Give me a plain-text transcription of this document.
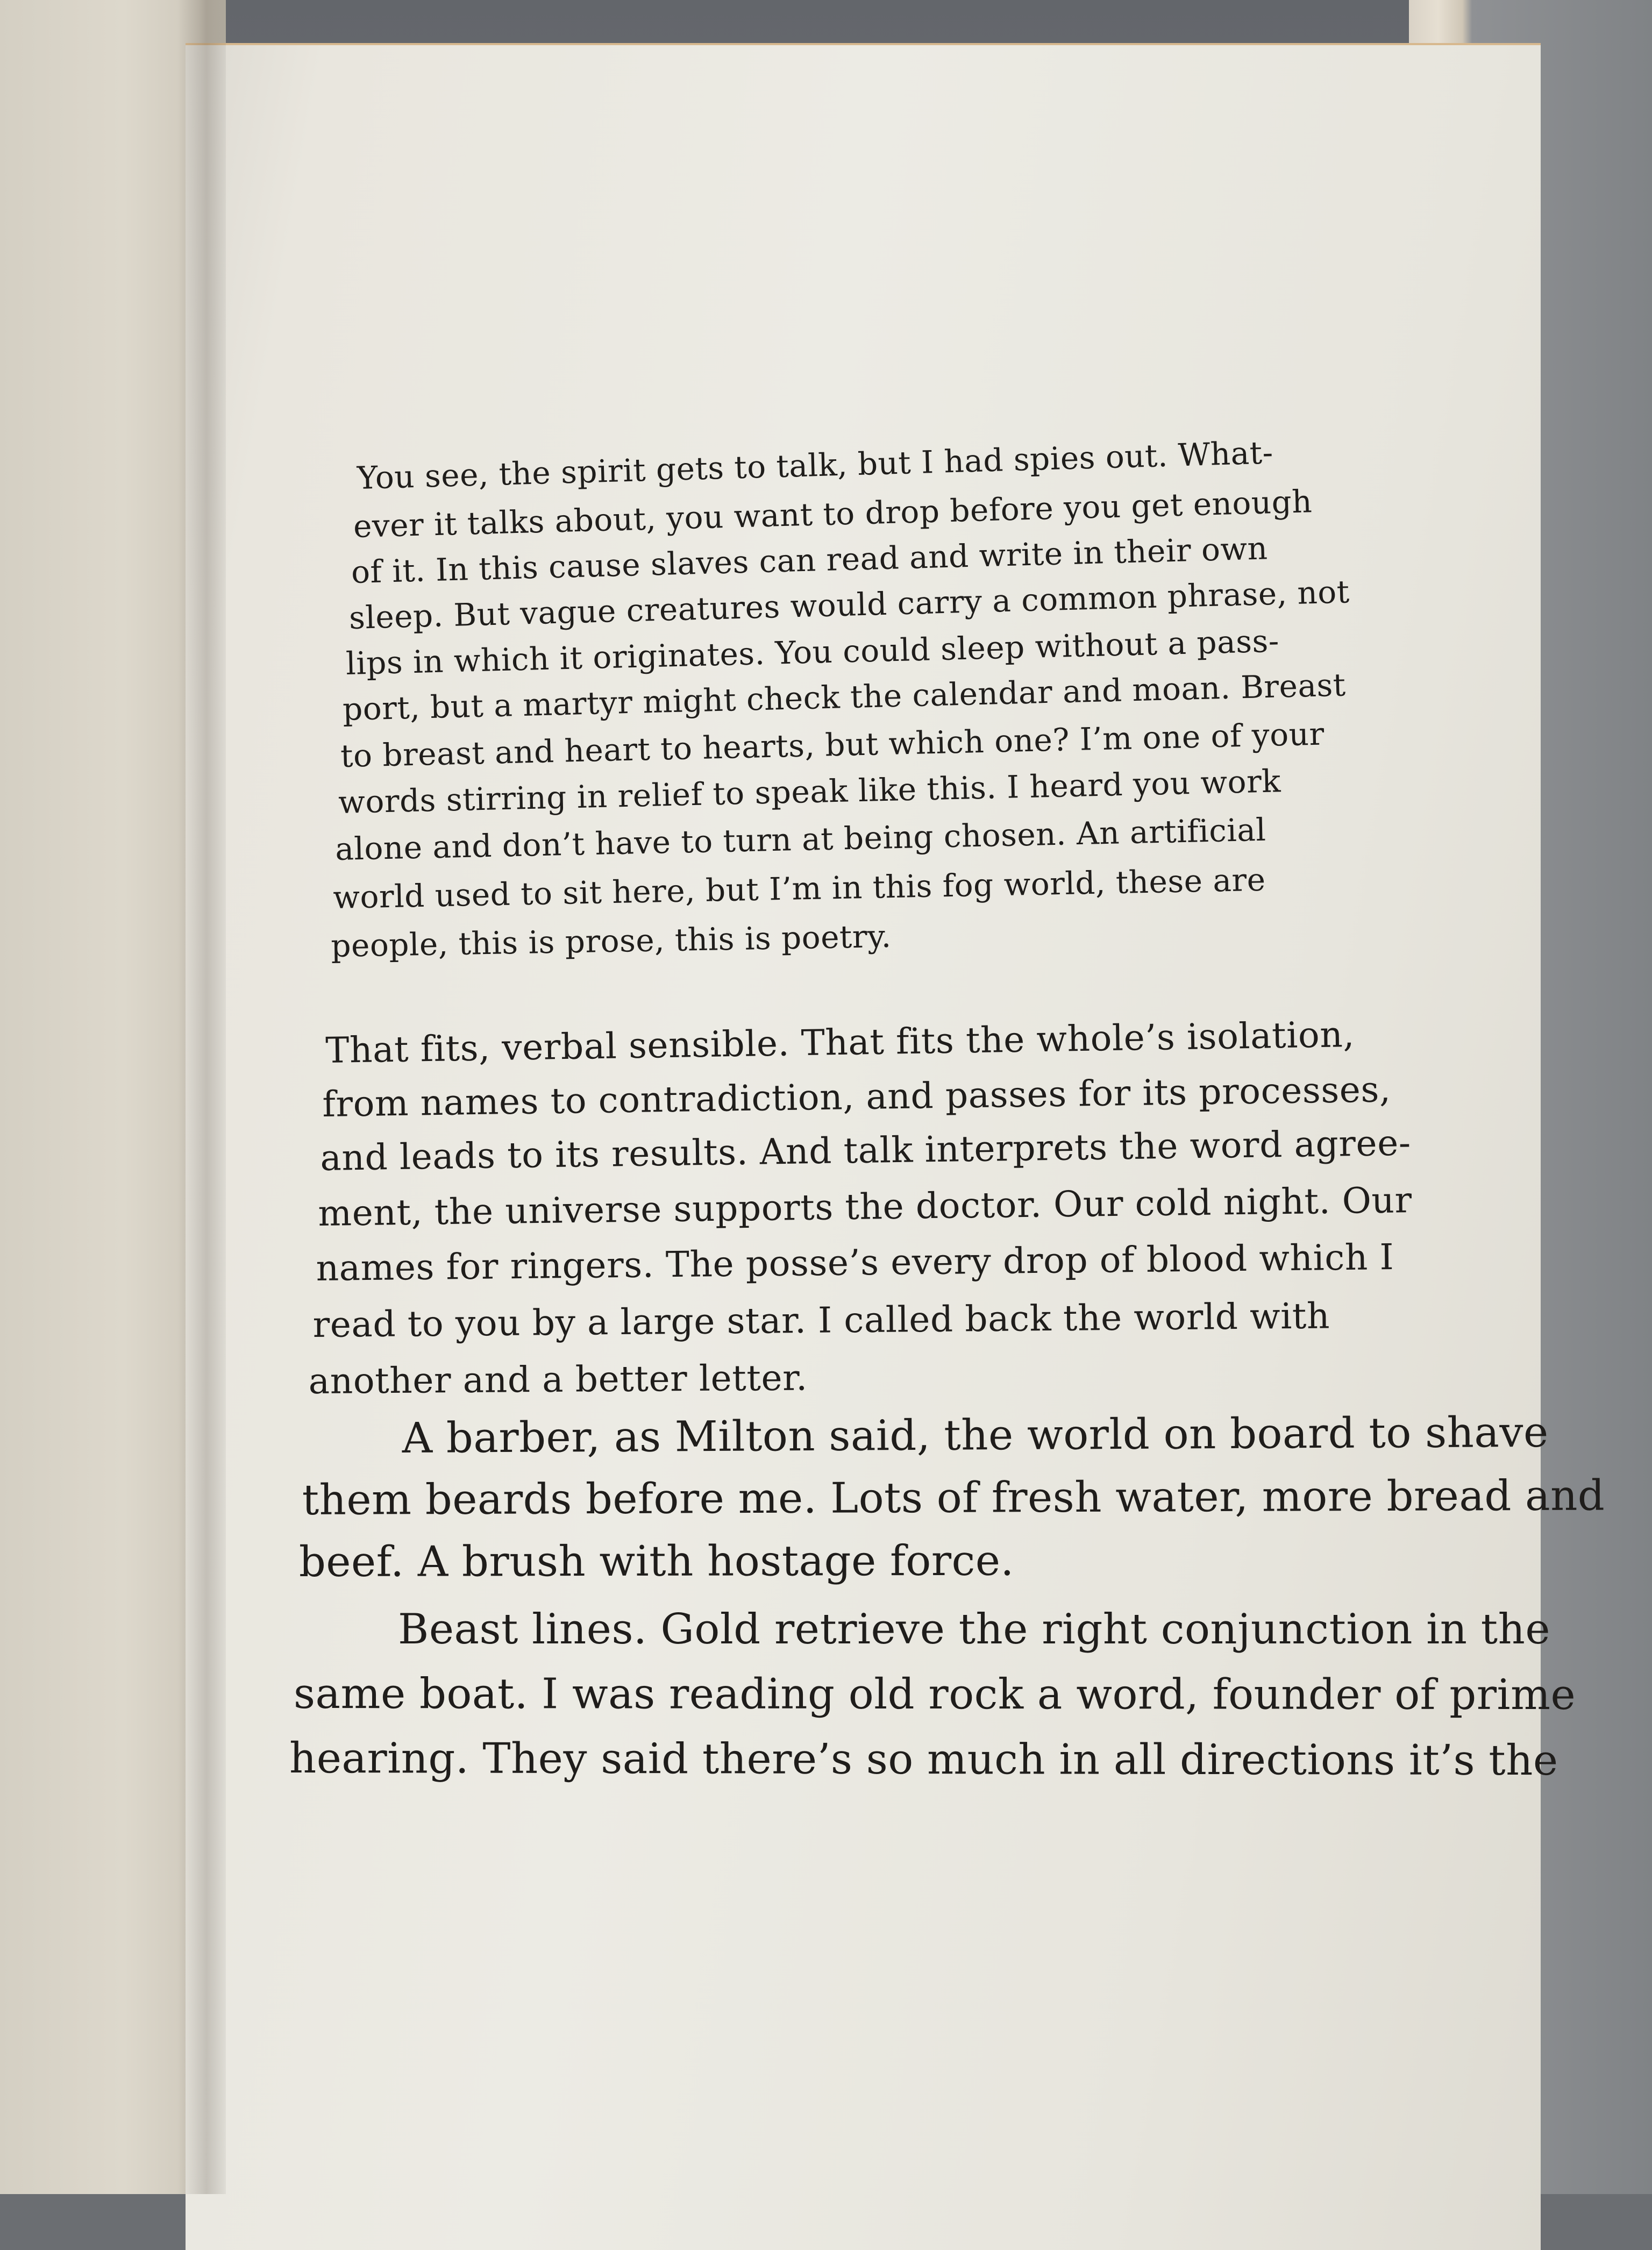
You see, the spirit gets to talk, but I had spies out. What-
ever it talks about, you want to drop before you get enough
of it. In this cause slaves can read and write in their own
sleep. But vague creatures would carry a common phrase, not
lips in which it originates. You could sleep without a pass-
port, but a martyr might check the calendar and moan. Breast
to breast and heart to hearts, but which one? I’m one of your
words stirring in relief to speak like this. I heard you work
alone and don’t have to turn at being chosen. An artificial
world used to sit here, but I’m in this fog world, these are
people, this is prose, this is poetry.
That fits, verbal sensible. That fits the whole’s isolation,
from names to contradiction, and passes for its processes,
and leads to its results. And talk interprets the word agree-
ment, the universe supports the doctor. Our cold night. Our
names for ringers. The posse’s every drop of blood which I
read to you by a large star. I called back the world with
another and a better letter.
A barber, as Milton said, the world on board to shave
them beards before me. Lots of fresh water, more bread and
beef. A brush with hostage force.
Beast lines. Gold retrieve the right conjunction in the
same boat. I was reading old rock a word, founder of prime
hearing. They said there’s so much in all directions it’s the
